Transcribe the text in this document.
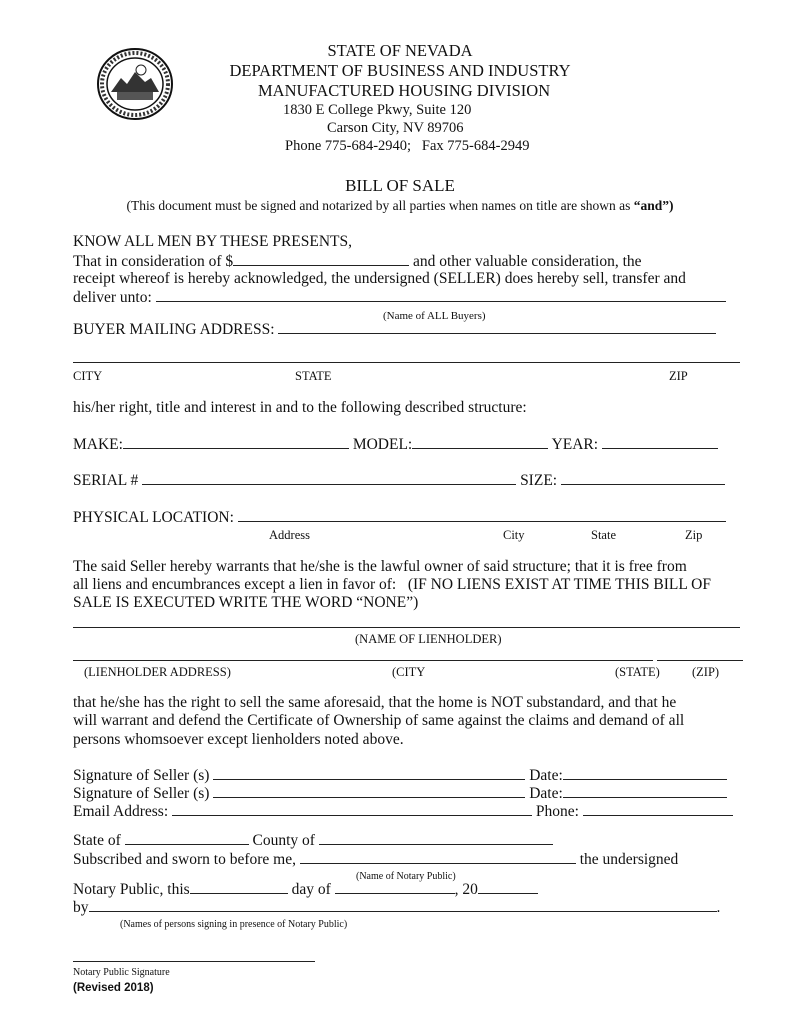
STATE OF NEVADA
DEPARTMENT OF BUSINESS AND INDUSTRY
MANUFACTURED HOUSING DIVISION
1830 E College Pkwy, Suite 120
Carson City, NV 89706
Phone 775-684-2940;   Fax 775-684-2949
BILL OF SALE
(This document must be signed and notarized by all parties when names on title are shown as “and”)
KNOW ALL MEN BY THESE PRESENTS,
That in consideration of $	and other valuable consideration, the
receipt whereof is hereby acknowledged, the undersigned (SELLER) does hereby sell, transfer and
deliver unto:
(Name of ALL Buyers)
BUYER MAILING ADDRESS:
CITY	STATE	ZIP
his/her right, title and interest in and to the following described structure:
MAKE:	MODEL:	YEAR:
SERIAL #	SIZE:
PHYSICAL LOCATION:
Address	City	State	Zip
The said Seller hereby warrants that he/she is the lawful owner of said structure; that it is free from
all liens and encumbrances except a lien in favor of:   (IF NO LIENS EXIST AT TIME THIS BILL OF
SALE IS EXECUTED WRITE THE WORD “NONE”)
(NAME OF LIENHOLDER)
(LIENHOLDER ADDRESS)	(CITY	(STATE)	(ZIP)
that he/she has the right to sell the same aforesaid, that the home is NOT substandard, and that he
will warrant and defend the Certificate of Ownership of same against the claims and demand of all
persons whomsoever except lienholders noted above.
Signature of Seller (s)	Date:
Signature of Seller (s)	Date:
Email Address:	Phone:
State of	County of
Subscribed and sworn to before me,	the undersigned
(Name of Notary Public)
Notary Public, this	day of	, 20
by	.
(Names of persons signing in presence of Notary Public)
Notary Public Signature
(Revised 2018)
